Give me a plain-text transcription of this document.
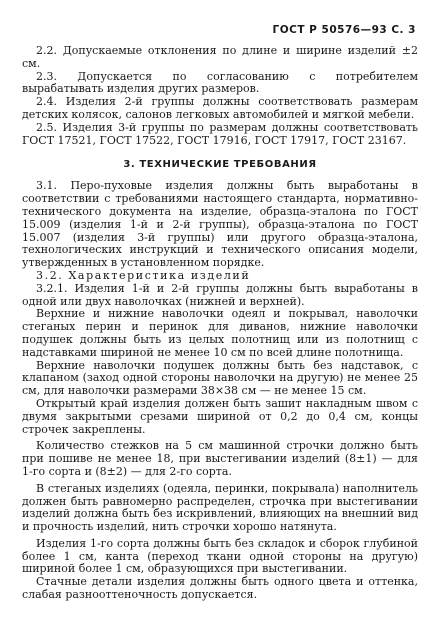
ГОСТ Р 50576—93 С. 3

2.2. Допускаемые отклонения по длине и ширине изделий ±2 см.

2.3. Допускается по согласованию с потребителем вырабатывать изделия других размеров.

2.4. Изделия 2-й группы должны соответствовать размерам детских колясок, салонов легковых автомобилей и мягкой мебели.

2.5. Изделия 3-й группы по размерам должны соответствовать ГОСТ 17521, ГОСТ 17522, ГОСТ 17916, ГОСТ 17917, ГОСТ 23167.

3. ТЕХНИЧЕСКИЕ ТРЕБОВАНИЯ

3.1. Перо-пуховые изделия должны быть выработаны в соответствии с требованиями настоящего стандарта, нормативно-технического документа на изделие, образца-эталона по ГОСТ 15.009 (изделия 1-й и 2-й группы), образца-эталона по ГОСТ 15.007 (изделия 3-й группы) или другого образца-эталона, технологических инструкций и технического описания модели, утвержденных в установленном порядке.

3.2. Характеристика изделий

3.2.1. Изделия 1-й и 2-й группы должны быть выработаны в одной или двух наволочках (нижней и верхней).

Верхние и нижние наволочки одеял и покрывал, наволочки стеганых перин и перинок для диванов, нижние наволочки подушек должны быть из целых полотнищ или из полотнищ с надставками шириной не менее 10 см по всей длине полотнища.

Верхние наволочки подушек должны быть без надставок, с клапаном (заход одной стороны наволочки на другую) не менее 25 см, для наволочки размерами 38×38 см — не менее 15 см.

Открытый край изделия должен быть зашит накладным швом с двумя закрытыми срезами шириной от 0,2 до 0,4 см, концы строчек закреплены.

Количество стежков на 5 см машинной строчки должно быть при пошиве не менее 18, при выстегивании изделий (8±1) — для 1-го сорта и (8±2) — для 2-го сорта.

В стеганых изделиях (одеяла, перинки, покрывала) наполнитель должен быть равномерно распределен, строчка при выстегивании изделий должна быть без искривлений, влияющих на внешний вид и прочность изделий, нить строчки хорошо натянута.

Изделия 1-го сорта должны быть без складок и сборок глубиной более 1 см, канта (переход ткани одной стороны на другую) шириной более 1 см, образующихся при выстегивании.

Стачные детали изделия должны быть одного цвета и оттенка, слабая разнооттеночность допускается.
